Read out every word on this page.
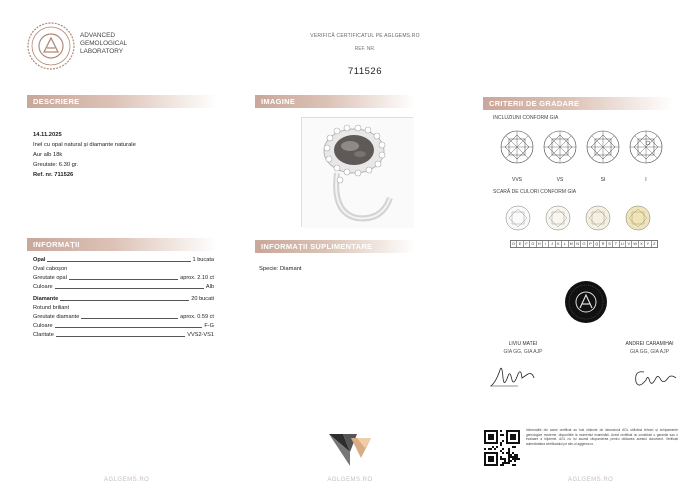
ADVANCED
GEMOLOGICAL
LABORATORY
VERIFICĂ CERTIFICATUL PE AGLGEMS.RO
REF. NR.
711526
DESCRIERE	IMAGINE	CRITERII DE GRADARE
INFORMAȚII	INFORMAȚII SUPLIMENTARE
14.11.2025
Inel cu opal natural și diamante naturale
Aur alb 18k
Greutate: 6.30 gr.
Ref. nr. 711526
INCLUZIUNI CONFORM GIA
VVS	VS	SI	I
SCARĂ DE CULORI CONFORM GIA
D E	F G H	I	J	K	L M N O P Q R S	T	U V W X	Y	Z
Opal	1 bucata
Oval caboșon
Greutate opal	aprox. 2.10 ct
Culoare	Alb
Diamante	20 bucati
Rotund briliant
Greutate diamante	aprox. 0.59 ct
Culoare	F-G
Claritate	VVS2-VS1
Specie: Diamant
LIVIU MATEI
GIA GG, GIA AJP
ANDREI CARAMIHAI
GIA GG, GIA AJP
Informațiile din acest certificat au fost obținute de laboratorul AGL utilizând tehnici și echipamente gemologice moderne, disponibile la momentul examinării. Acest certificat nu constituie o garanție sau o evaluare a bijuteriei. AGL nu își asumă răspunderea pentru utilizarea acestui document. Verificați autenticitatea certificatului pe site-ul aglgems.ro.
AGLGEMS.RO	AGLGEMS.RO	AGLGEMS.RO
